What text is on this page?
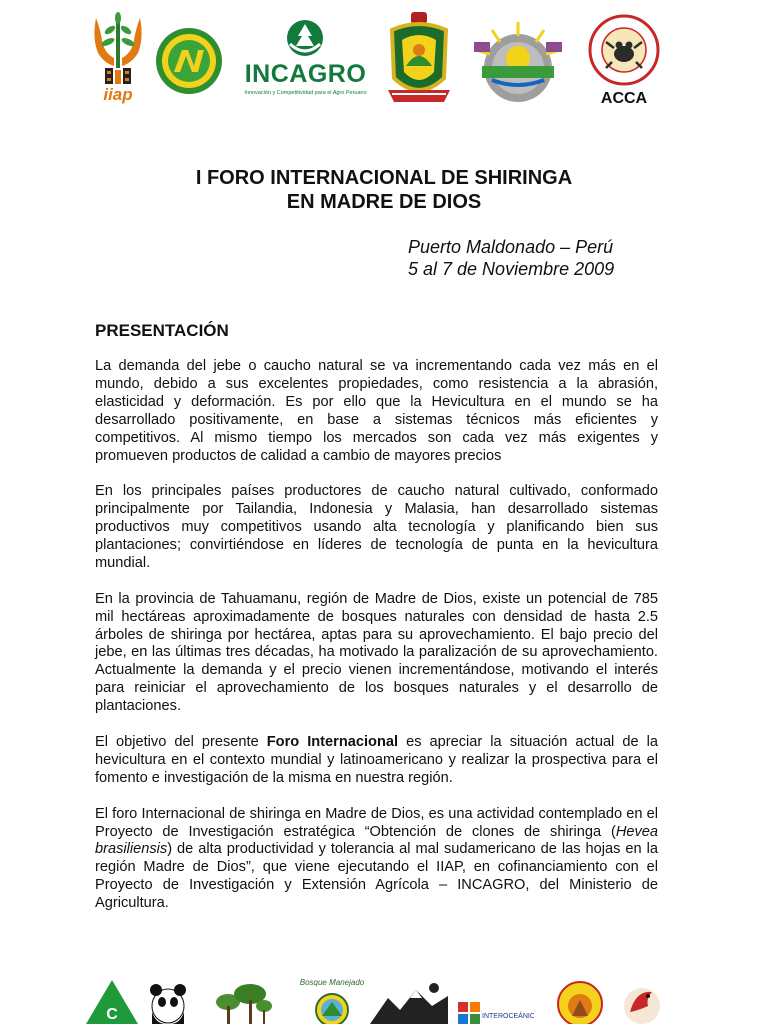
iiap
INCAGRO
Innovación y Competitividad para el Agro Peruano	ACCA
I FORO INTERNACIONAL DE SHIRINGA
EN MADRE DE DIOS
Puerto Maldonado – Perú
5 al 7 de Noviembre 2009
PRESENTACIÓN

La demanda del jebe o caucho natural se va incrementando cada vez más en el mundo, debido a sus excelentes propiedades, como resistencia a la abrasión, elasticidad y deformación. Es por ello que la Hevicultura en el mundo se ha desarrollado positivamente, en base a sistemas técnicos más eficientes y competitivos. Al mismo tiempo los mercados son cada vez más exigentes y promueven productos de calidad a cambio de mayores precios

En los principales países productores de caucho natural cultivado, conformado principalmente por Tailandia, Indonesia y Malasia, han desarrollado sistemas productivos muy competitivos usando alta tecnología y planificando bien sus plantaciones; convirtiéndose en líderes de tecnología de punta en la hevicultura mundial.

En la provincia de Tahuamanu, región de Madre de Dios, existe un potencial de 785 mil hectáreas aproximadamente de bosques naturales con densidad de hasta 2.5 árboles de shiringa por hectárea, aptas para su aprovechamiento. El bajo precio del jebe, en las últimas tres décadas, ha motivado la paralización de su aprovechamiento. Actualmente la demanda y el precio vienen incrementándose, motivando el interés para reiniciar el aprovechamiento de los bosques naturales y el desarrollo de plantaciones.

El objetivo del presente Foro Internacional es apreciar la situación actual de la hevicultura en el contexto mundial y latinoamericano y realizar la prospectiva para el fomento e investigación de la misma en nuestra región.

El foro Internacional de shiringa en Madre de Dios, es una actividad contemplado en el Proyecto de Investigación estratégica “Obtención de clones de shiringa (Hevea brasiliensis) de alta productividad y tolerancia al mal sudamericano de las hojas en la región Madre de Dios”, que viene ejecutando el IIAP, en cofinanciamiento con el Proyecto de Investigación y Extensión Agrícola – INCAGRO, del Ministerio de Agricultura.

C
Bosque Manejado
INTEROCEÁNICA
